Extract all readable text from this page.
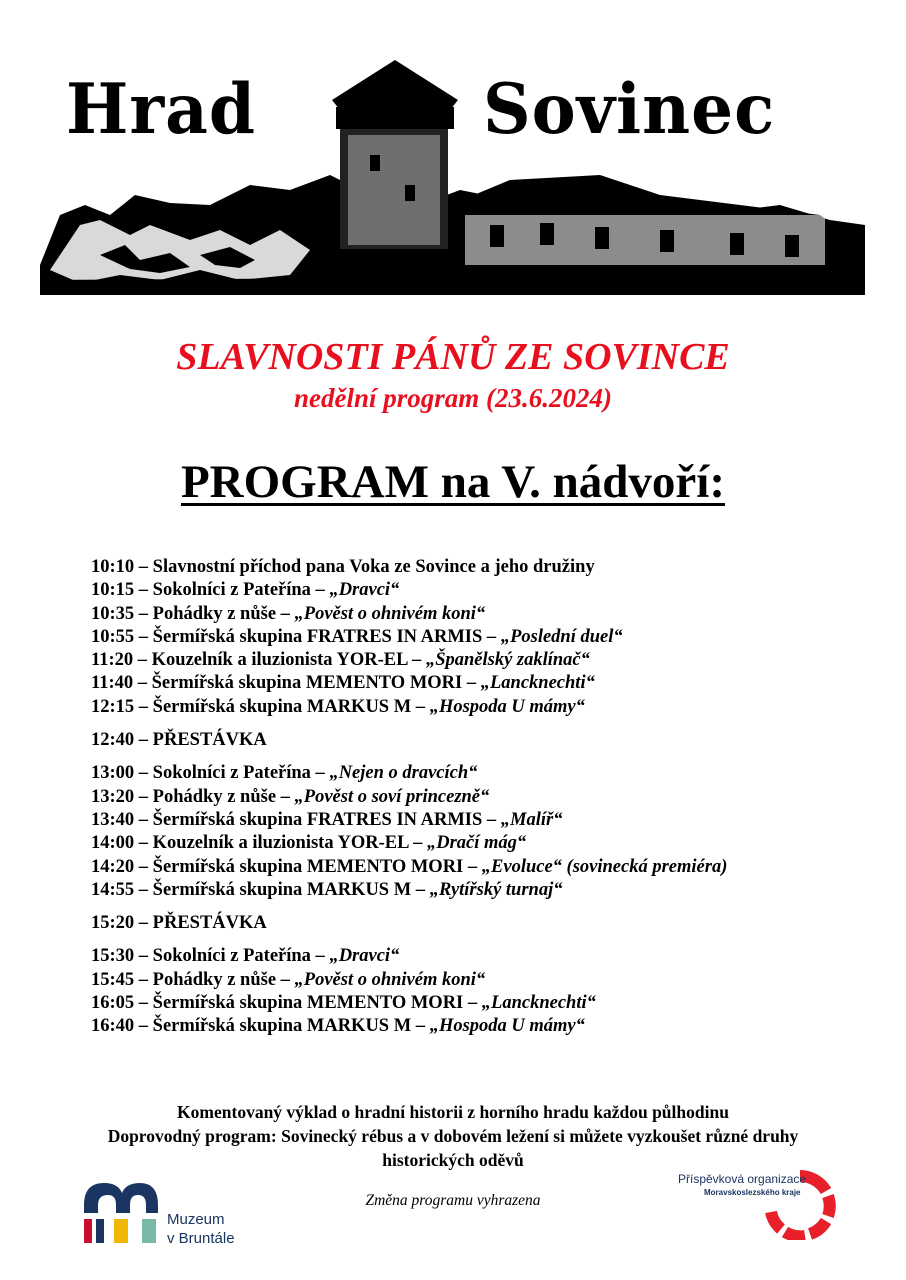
Hrad	Sovinec
SLAVNOSTI PÁNŮ ZE SOVINCE
nedělní program (23.6.2024)
PROGRAM na V. nádvoří:
10:10 – Slavnostní příchod pana Voka ze Sovince a jeho družiny
10:15 – Sokolníci z Pateřína – „Dravci“
10:35 – Pohádky z nůše – „Pověst o ohnivém koni“
10:55 – Šermířská skupina FRATRES IN ARMIS – „Poslední duel“
11:20 – Kouzelník a iluzionista YOR-EL – „Španělský zaklínač“
11:40 – Šermířská skupina MEMENTO MORI – „Lancknechti“
12:15 – Šermířská skupina MARKUS M – „Hospoda U mámy“
12:40 – PŘESTÁVKA
13:00 – Sokolníci z Pateřína – „Nejen o dravcích“
13:20 – Pohádky z nůše – „Pověst o soví princezně“
13:40 – Šermířská skupina FRATRES IN ARMIS – „Malíř“
14:00 – Kouzelník a iluzionista YOR-EL – „Dračí mág“
14:20 – Šermířská skupina MEMENTO MORI – „Evoluce“ (sovinecká premiéra)
14:55 – Šermířská skupina MARKUS M – „Rytířský turnaj“
15:20 – PŘESTÁVKA
15:30 – Sokolníci z Pateřína – „Dravci“
15:45 – Pohádky z nůše – „Pověst o ohnivém koni“
16:05 – Šermířská skupina MEMENTO MORI – „Lancknechti“
16:40 – Šermířská skupina MARKUS M – „Hospoda U mámy“
Komentovaný výklad o hradní historii z horního hradu každou půlhodinu
Doprovodný program: Sovinecký rébus a v dobovém ležení si můžete vyzkoušet různé druhy
historických oděvů
Změna programu vyhrazena
Muzeum
v Bruntále
Příspěvková organizace
Moravskoslezského kraje
